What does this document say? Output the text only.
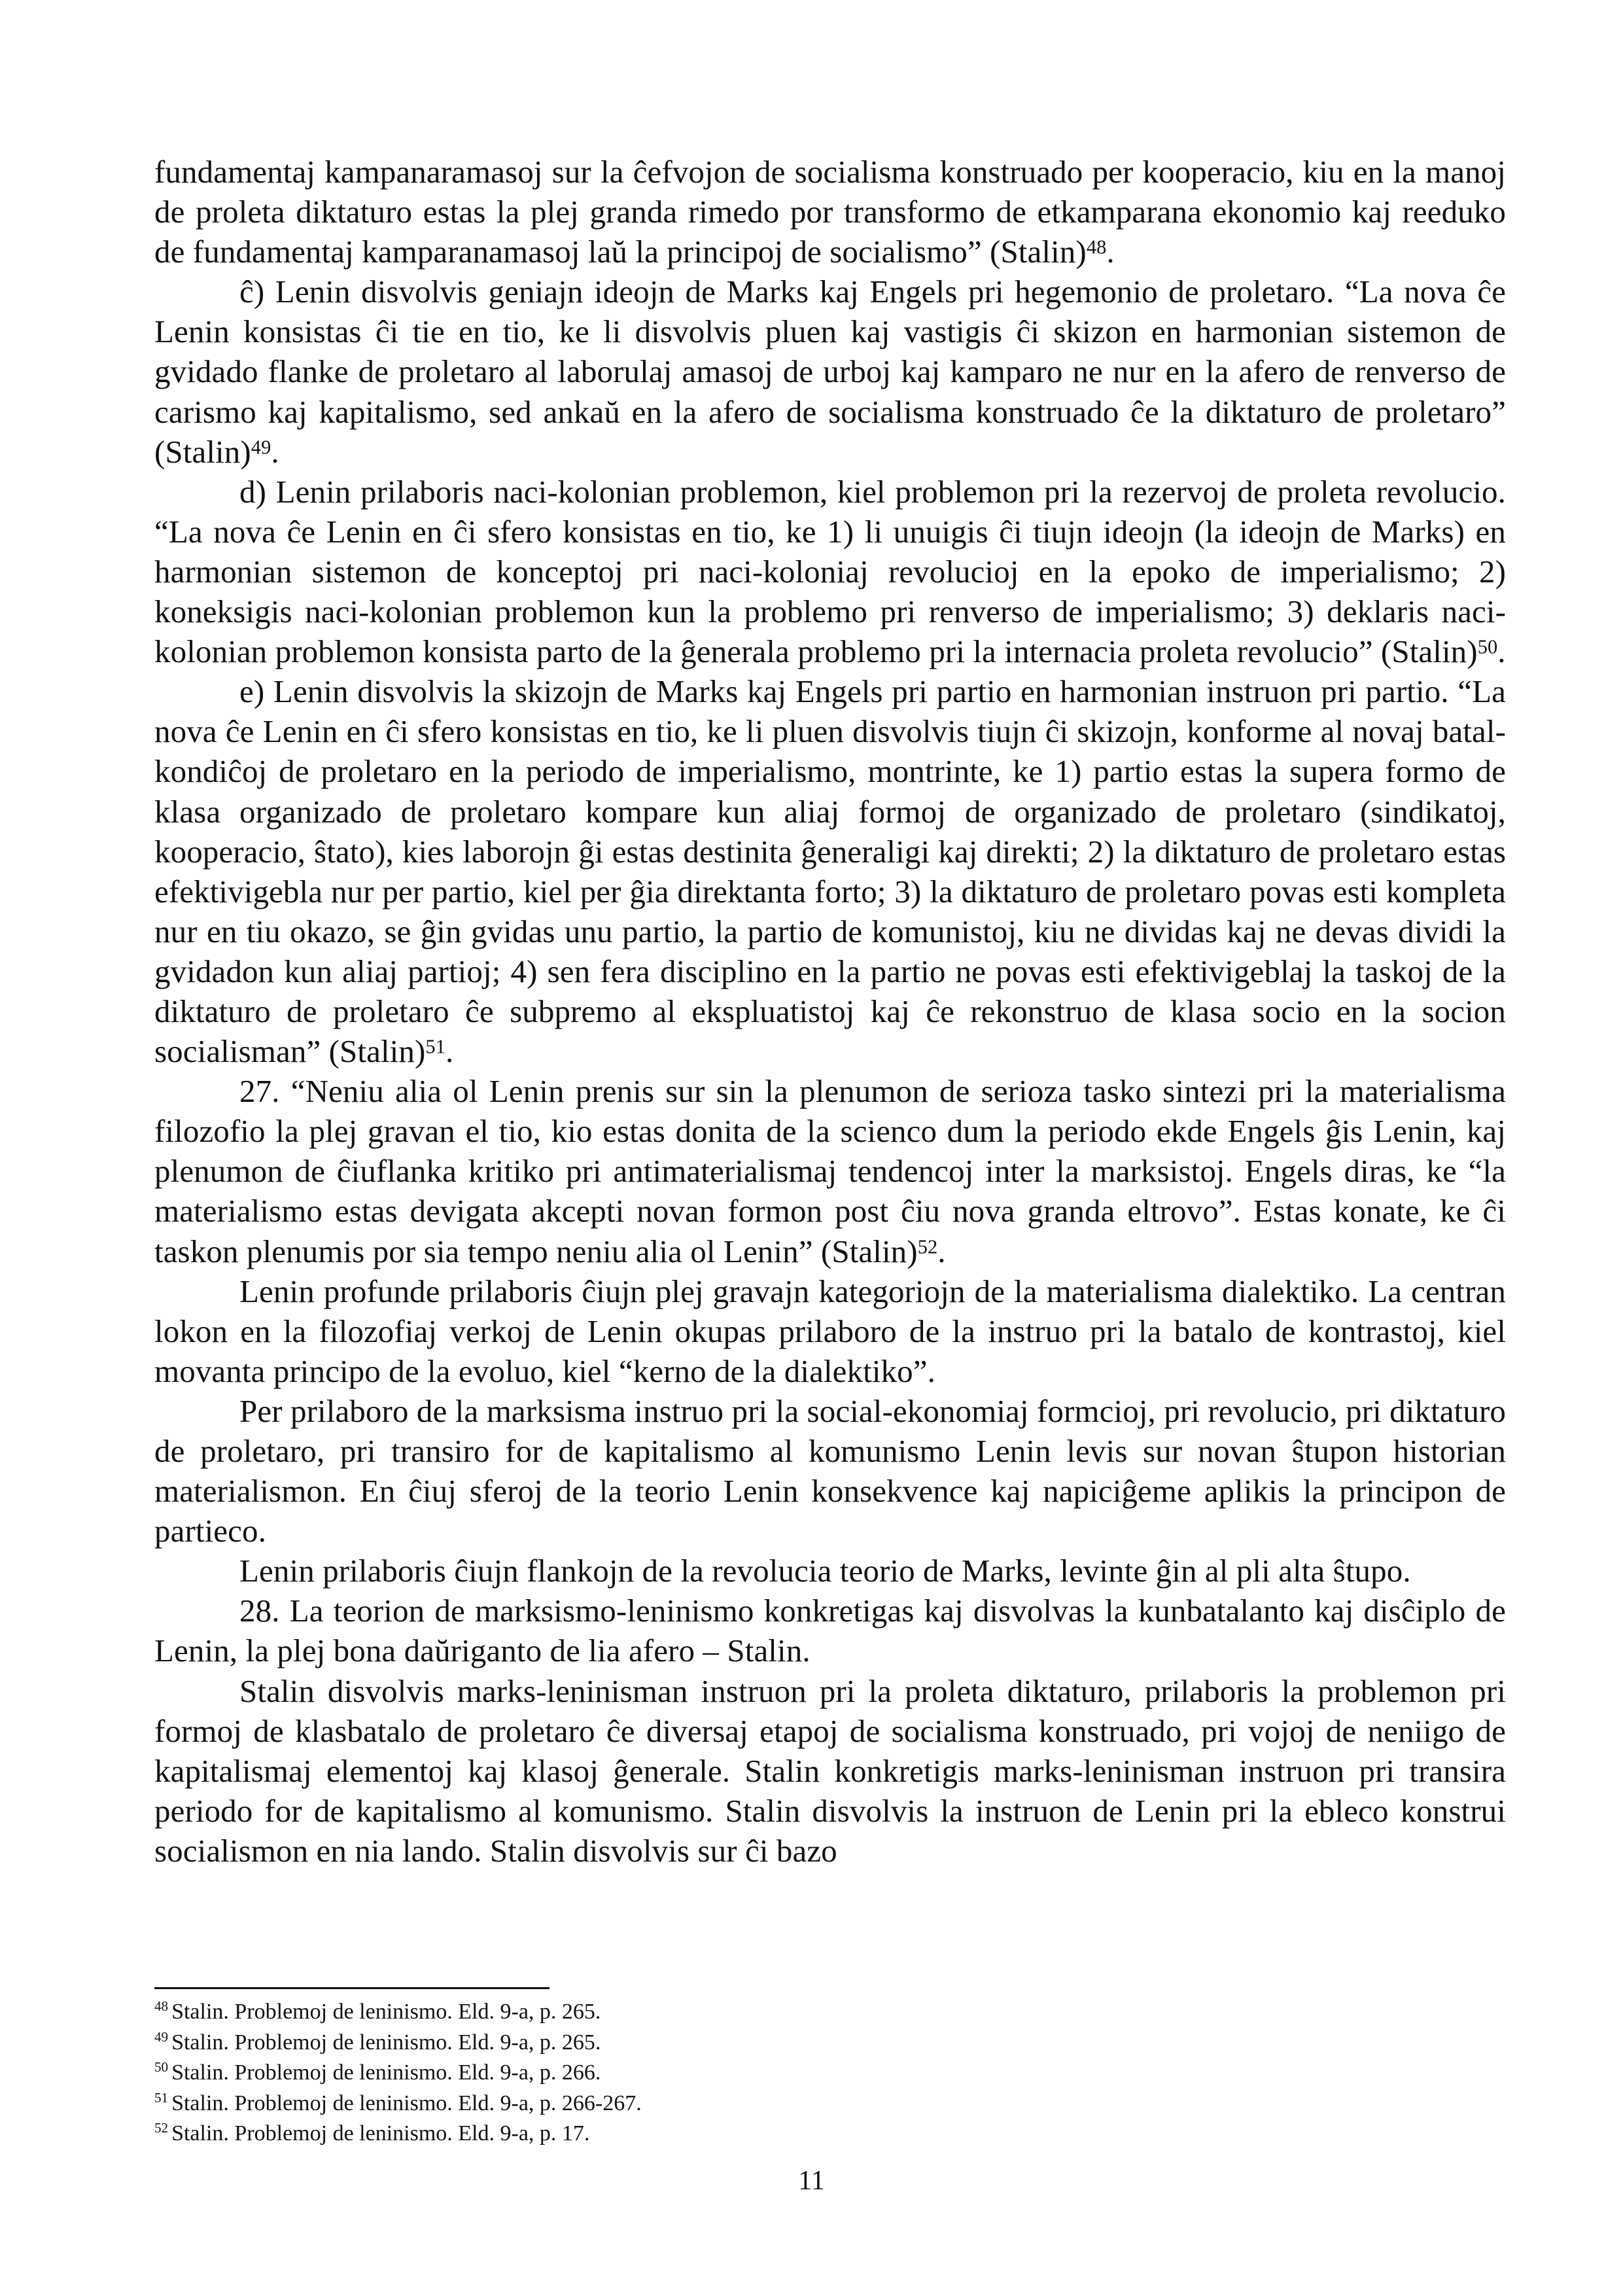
fundamentaj kampanaramasoj sur la ĉefvojon de socialisma konstruado per kooperacio, kiu en la manoj de proleta diktaturo estas la plej granda rimedo por transformo de etkamparana ekonomio kaj reeduko de fundamentaj kamparanamasoj laŭ la principoj de socialismo” (Stalin)$^{48}$.

ĉ) Lenin disvolvis geniajn ideojn de Marks kaj Engels pri hegemonio de proletaro. “La nova ĉe Lenin konsistas ĉi tie en tio, ke li disvolvis pluen kaj vastigis ĉi skizon en harmonian sistemon de gvidado flanke de proletaro al laborulaj amasoj de urboj kaj kamparo ne nur en la afero de renverso de carismo kaj kapitalismo, sed ankaŭ en la afero de socialisma konstruado ĉe la diktaturo de proletaro” (Stalin)$^{49}$.

d) Lenin prilaboris naci-kolonian problemon, kiel problemon pri la rezervoj de proleta revolucio. “La nova ĉe Lenin en ĉi sfero konsistas en tio, ke 1) li unuigis ĉi tiujn ideojn (la ideojn de Marks) en harmonian sistemon de konceptoj pri naci-koloniaj revolucioj en la epoko de imperialismo; 2) koneksigis naci-kolonian problemon kun la problemo pri renverso de imperialismo; 3) deklaris naci-kolonian problemon konsista parto de la ĝenerala problemo pri la internacia proleta revolucio” (Stalin)$^{50}$.

e) Lenin disvolvis la skizojn de Marks kaj Engels pri partio en harmonian instruon pri partio. “La nova ĉe Lenin en ĉi sfero konsistas en tio, ke li pluen disvolvis tiujn ĉi skizojn, konforme al novaj batal-kondiĉoj de proletaro en la periodo de imperialismo, montrinte, ke 1) partio estas la supera formo de klasa organizado de proletaro kompare kun aliaj formoj de organizado de proletaro (sindikatoj, kooperacio, ŝtato), kies laborojn ĝi estas destinita ĝeneraligi kaj direkti; 2) la diktaturo de proletaro estas efektivigebla nur per partio, kiel per ĝia direktanta forto; 3) la diktaturo de proletaro povas esti kompleta nur en tiu okazo, se ĝin gvidas unu partio, la partio de komunistoj, kiu ne dividas kaj ne devas dividi la gvidadon kun aliaj partioj; 4) sen fera disciplino en la partio ne povas esti efektivigeblaj la taskoj de la diktaturo de proletaro ĉe subpremo al ekspluatistoj kaj ĉe rekonstruo de klasa socio en la socion socialisman” (Stalin)$^{51}$.

27. “Neniu alia ol Lenin prenis sur sin la plenumon de serioza tasko sintezi pri la materialisma filozofio la plej gravan el tio, kio estas donita de la scienco dum la periodo ekde Engels ĝis Lenin, kaj plenumon de ĉiuflanka kritiko pri antimaterialismaj tendencoj inter la marksistoj. Engels diras, ke “la materialismo estas devigata akcepti novan formon post ĉiu nova granda eltrovo”. Estas konate, ke ĉi taskon plenumis por sia tempo neniu alia ol Lenin” (Stalin)$^{52}$.

Lenin profunde prilaboris ĉiujn plej gravajn kategoriojn de la materialisma dialektiko. La centran lokon en la filozofiaj verkoj de Lenin okupas prilaboro de la instruo pri la batalo de kontrastoj, kiel movanta principo de la evoluo, kiel “kerno de la dialektiko”.

Per prilaboro de la marksisma instruo pri la social-ekonomiaj formcioj, pri revolucio, pri diktaturo de proletaro, pri transiro for de kapitalismo al komunismo Lenin levis sur novan ŝtupon historian materialismon. En ĉiuj sferoj de la teorio Lenin konsekvence kaj napiciĝeme aplikis la principon de partieco.

Lenin prilaboris ĉiujn flankojn de la revolucia teorio de Marks, levinte ĝin al pli alta ŝtupo.

28. La teorion de marksismo-leninismo konkretigas kaj disvolvas la kunbatalanto kaj disĉiplo de Lenin, la plej bona daŭriganto de lia afero – Stalin.

Stalin disvolvis marks-leninisman instruon pri la proleta diktaturo, prilaboris la problemon pri formoj de klasbatalo de proletaro ĉe diversaj etapoj de socialisma konstruado, pri vojoj de neniigo de kapitalismaj elementoj kaj klasoj ĝenerale. Stalin konkretigis marks-leninisman instruon pri transira periodo for de kapitalismo al komunismo. Stalin disvolvis la instruon de Lenin pri la ebleco konstrui socialismon en nia lando. Stalin disvolvis sur ĉi bazo

$^{48}$ Stalin. Problemoj de leninismo. Eld. 9-a, p. 265.

$^{49}$ Stalin. Problemoj de leninismo. Eld. 9-a, p. 265.

$^{50}$ Stalin. Problemoj de leninismo. Eld. 9-a, p. 266.

$^{51}$ Stalin. Problemoj de leninismo. Eld. 9-a, p. 266-267.

$^{52}$ Stalin. Problemoj de leninismo. Eld. 9-a, p. 17.

11
